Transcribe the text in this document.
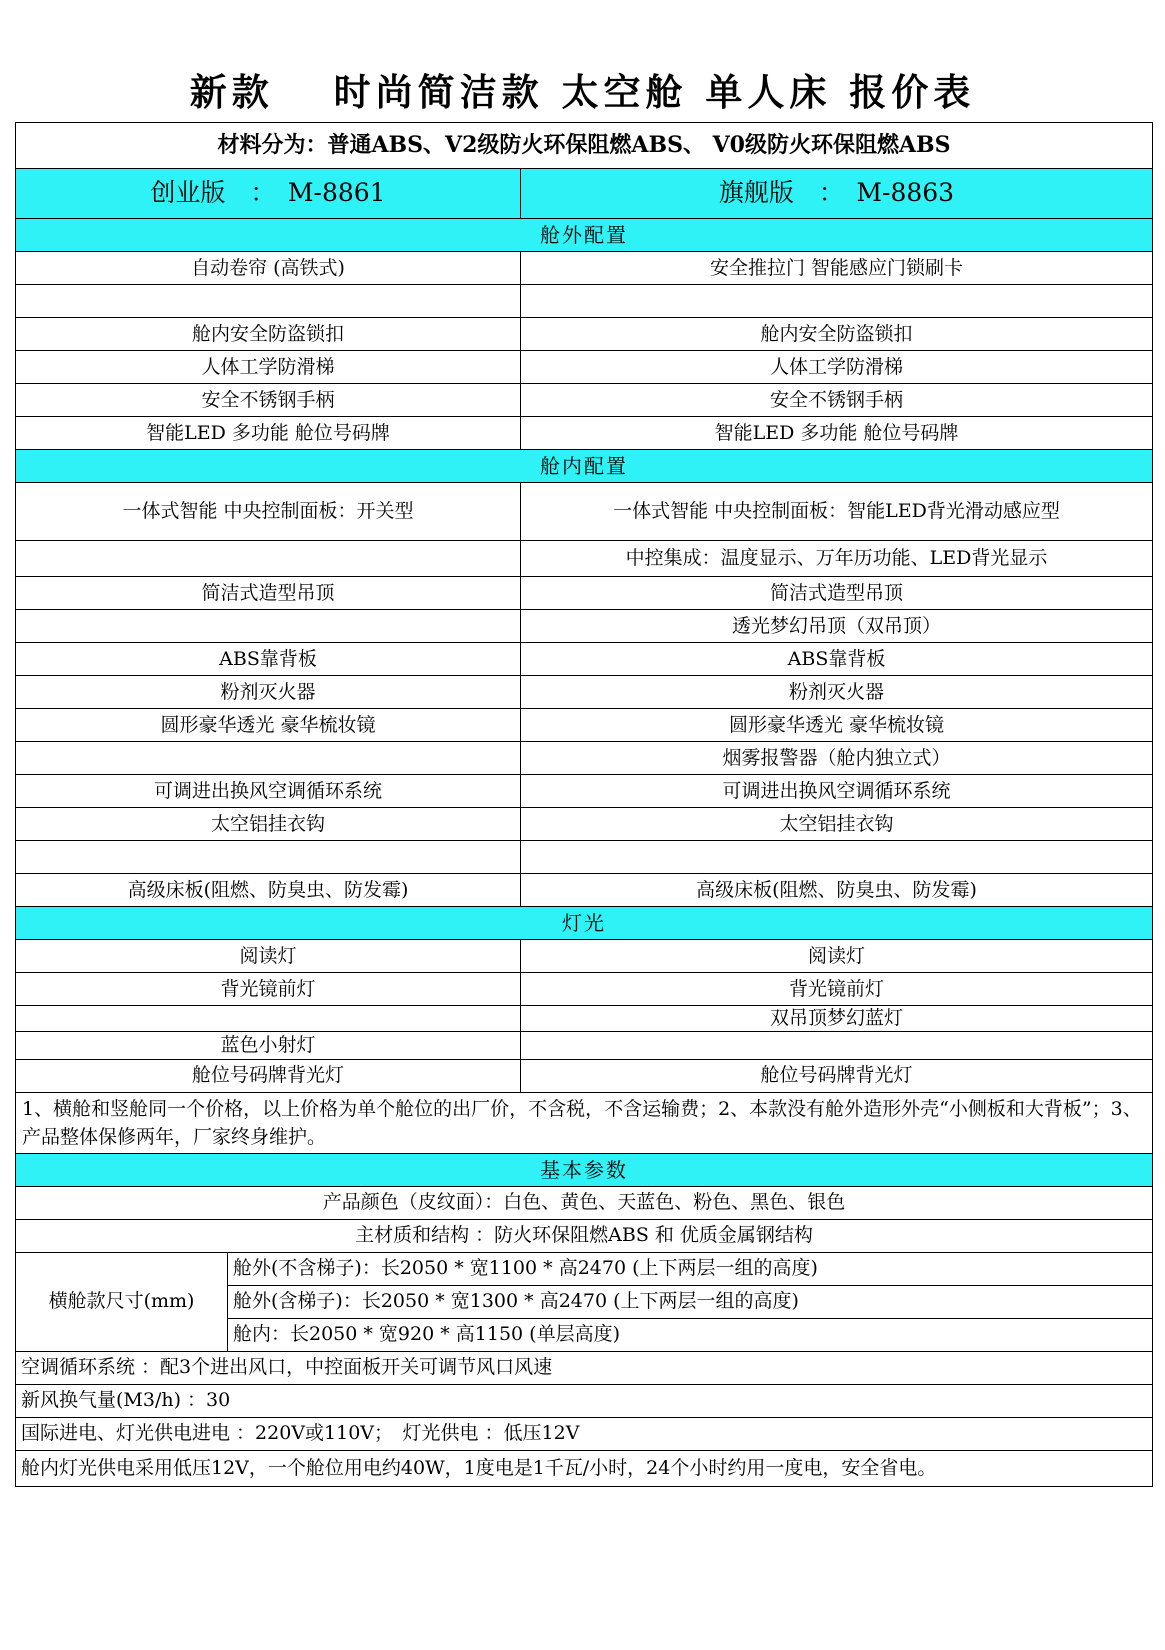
新款　 时尚简洁款 太空舱 单人床 报价表
材料分为：普通ABS、V2级防火环保阻燃ABS、 V0级防火环保阻燃ABS		
创业版　：　M-8861		旗舰版　：　M-8863
舱外配置		
自动卷帘 (高铁式)		安全推拉门 智能感应门锁刷卡

舱内安全防盗锁扣		舱内安全防盗锁扣
人体工学防滑梯		人体工学防滑梯
安全不锈钢手柄		安全不锈钢手柄
智能LED 多功能 舱位号码牌		智能LED 多功能 舱位号码牌
舱内配置		
一体式智能 中央控制面板：开关型		一体式智能 中央控制面板：智能LED背光滑动感应型
		中控集成：温度显示、万年历功能、LED背光显示
简洁式造型吊顶		简洁式造型吊顶
		透光梦幻吊顶（双吊顶）
ABS靠背板		ABS靠背板
粉剂灭火器		粉剂灭火器
圆形豪华透光 豪华梳妆镜		圆形豪华透光 豪华梳妆镜
		烟雾报警器（舱内独立式）
可调进出换风空调循环系统		可调进出换风空调循环系统
太空铝挂衣钩		太空铝挂衣钩

高级床板(阻燃、防臭虫、防发霉)		高级床板(阻燃、防臭虫、防发霉)
灯光		
阅读灯		阅读灯
背光镜前灯		背光镜前灯
		双吊顶梦幻蓝灯
蓝色小射灯		
舱位号码牌背光灯		舱位号码牌背光灯
1、横舱和竖舱同一个价格，以上价格为单个舱位的出厂价，不含税，不含运输费；2、本款没有舱外造形外壳“小侧板和大背板”；3、产品整体保修两年，厂家终身维护。		
基本参数		
产品颜色（皮纹面）：白色、黄色、天蓝色、粉色、黑色、银色		
主材质和结构 ：防火环保阻燃ABS 和 优质金属钢结构		
横舱款尺寸(mm)	舱外(不含梯子)：长2050 * 宽1100 * 高2470 (上下两层一组的高度)	
	舱外(含梯子)：长2050 * 宽1300 * 高2470 (上下两层一组的高度)	
	舱内：长2050 * 宽920 * 高1150 (单层高度)	
空调循环系统 ：配3个进出风口，中控面板开关可调节风口风速		
新风换气量(M3/h) ：30		
国际进电、灯光供电进电 ：220V或110V；　灯光供电 ：低压12V		
舱内灯光供电采用低压12V，一个舱位用电约40W，1度电是1千瓦/小时，24个小时约用一度电，安全省电。		
